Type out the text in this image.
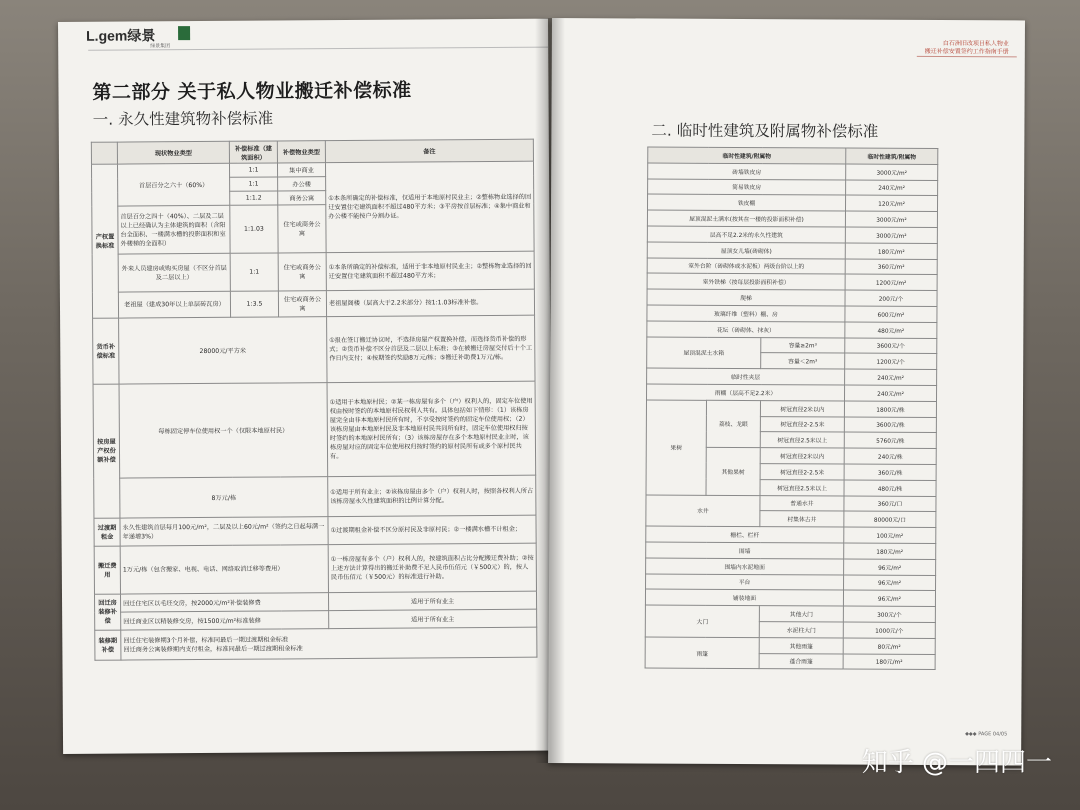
L.gem绿景
绿景集团
第二部分 关于私人物业搬迁补偿标准
一. 永久性建筑物补偿标准
	现状物业类型	补偿标准（建筑面积）	补偿物业类型	备注
产权置换标准	首层百分之六十（60%）	1:1	集中商业	①本条所确定的补偿标准，仅适用于本地原村民业主；②整栋物业选择的回迁安置住宅建筑面积不超过480平方米；③平房按首层标准；④集中商业和办公楼不能按户分割办证。
		1:1	办公楼	
		1:1.2	商务公寓	
	首层百分之四十（40%）、二层及二层以上已经确认为主体建筑的面积（含阳台全面积、一楼满水槽的投影面积和室外楼梯的全面积）	1:1.03	住宅或商务公寓	
	外来人员建房或购买房屋（不区分首层及二层以上）	1:1	住宅或商务公寓	①本条所确定的补偿标准，适用于非本地原村民业主；②整栋物业选择的回迁安置住宅建筑面积不超过480平方米；
	老祖屋（建成30年以上单层砖瓦房）	1:3.5	住宅或商务公寓	老祖屋阁楼（层高大于2.2米部分）按1:1.03标准补偿。
货币补偿标准	28000元/平方米			①报在签订搬迁协议时，不选择房屋产权置换补偿，而选择货币补偿的形式；②货币补偿不区分首层及二层以上标准；③在被搬迁房屋交付后十个工作日内支付；④按期签约奖励8万元/栋；⑤搬迁补助费1万元/栋。
按房屋产权份额补偿	每栋固定停车位使用权一个（仅限本地原村民）			①适用于本地原村民；②某一栋房屋有多个（户）权利人的，固定车位使用权由按时签约的本地原村民权利人共有。具体包括如下情形：（1）该栋房屋完全由非本地原村民所有时，不享受按时签约的固定车位使用权；（2）该栋房屋由本地原村民及非本地原村民共同所有时，固定车位使用权归按时签约的本地原村民所有；（3）该栋房屋存在多个本地原村民业主时，该栋房屋对应的固定车位使用权归按时签约的原村民所有或多个原村民共有。
	8万元/栋			①适用于所有业主；②该栋房屋由多个（户）权利人时，按照各权利人所占该栋房屋永久性建筑面积的比例计算分配。
过渡期租金	永久性建筑首层每月100元/m²，二层及以上60元/m²（签约之日起每满一年递增3%）			①过渡期租金补偿不区分原村民及非原村民；②一楼满水槽不计租金；
搬迁费用	1万元/栋（包含搬家、电视、电话、网络取消迁移等费用）			①一栋房屋有多个（户）权利人的，按建筑面积占比分配搬迁费补助；②按上述方法计算得出的搬迁补助费不足人民币伍佰元（￥500元）的，按人民币伍佰元（￥500元）的标准进行补助。
回迁房装修补偿	回迁住宅区以毛坯交房，按2000元/m²补偿装修费			适用于所有业主
	回迁商业区以精装修交房，按1500元/m²标准装修			适用于所有业主
装修期补偿	回迁住宅装修期3个月补偿，标准同最后一期过渡期租金标准
回迁商务公寓装修期内支付租金，标准同最后一期过渡期租金标准			
白石洲旧改项目私人物业
搬迁补偿安置签约工作指南手册
二. 临时性建筑及附属物补偿标准
临时性建筑/附属物			临时性建筑/附属物
砖墙铁皮房			3000元/m²
简易铁皮房			240元/m²
铁皮棚			120元/m²
屋顶混泥土满水(按其在一楼的投影面积补偿)			3000元/m²
层高不足2.2米的永久性建筑			3000元/m²
屋顶女儿墙(砖砌体)			180元/m²
室外台阶（砖砌体或水泥板）两级台阶以上的			360元/m²
室外铁梯（按每层投影面积补偿）			1200元/m²
爬梯			200元/个
玻璃纤维（塑料）棚、房			600元/m²
花坛（砖砌体、抹灰）			480元/m²
屋顶混泥土水箱		容量≥2m³	3600元/个
		容量＜2m³	1200元/个
临时性夹层			240元/m²
雨棚（层高不足2.2米）			240元/m²
果树	荔枝、龙眼	树冠直径2米以内	1800元/株
		树冠直径2-2.5米	3600元/株
		树冠直径2.5米以上	5760元/株
	其他果树	树冠直径2米以内	240元/株
		树冠直径2-2.5米	360元/株
		树冠直径2.5米以上	480元/株
水井		普通水井	360元/口
		村集体古井	80000元/口
栅栏、栏杆			100元/m²
围墙			180元/m²
围墙内水泥地面			96元/m²
平台			96元/m²
铺装地面			96元/m²
大门		其他大门	300元/个
		水泥柱大门	1000元/个
雨篷		其他雨篷	80元/m²
		蓬合雨篷	180元/m²
◆◆◆ PAGE 04/05
知乎 @一四四一
